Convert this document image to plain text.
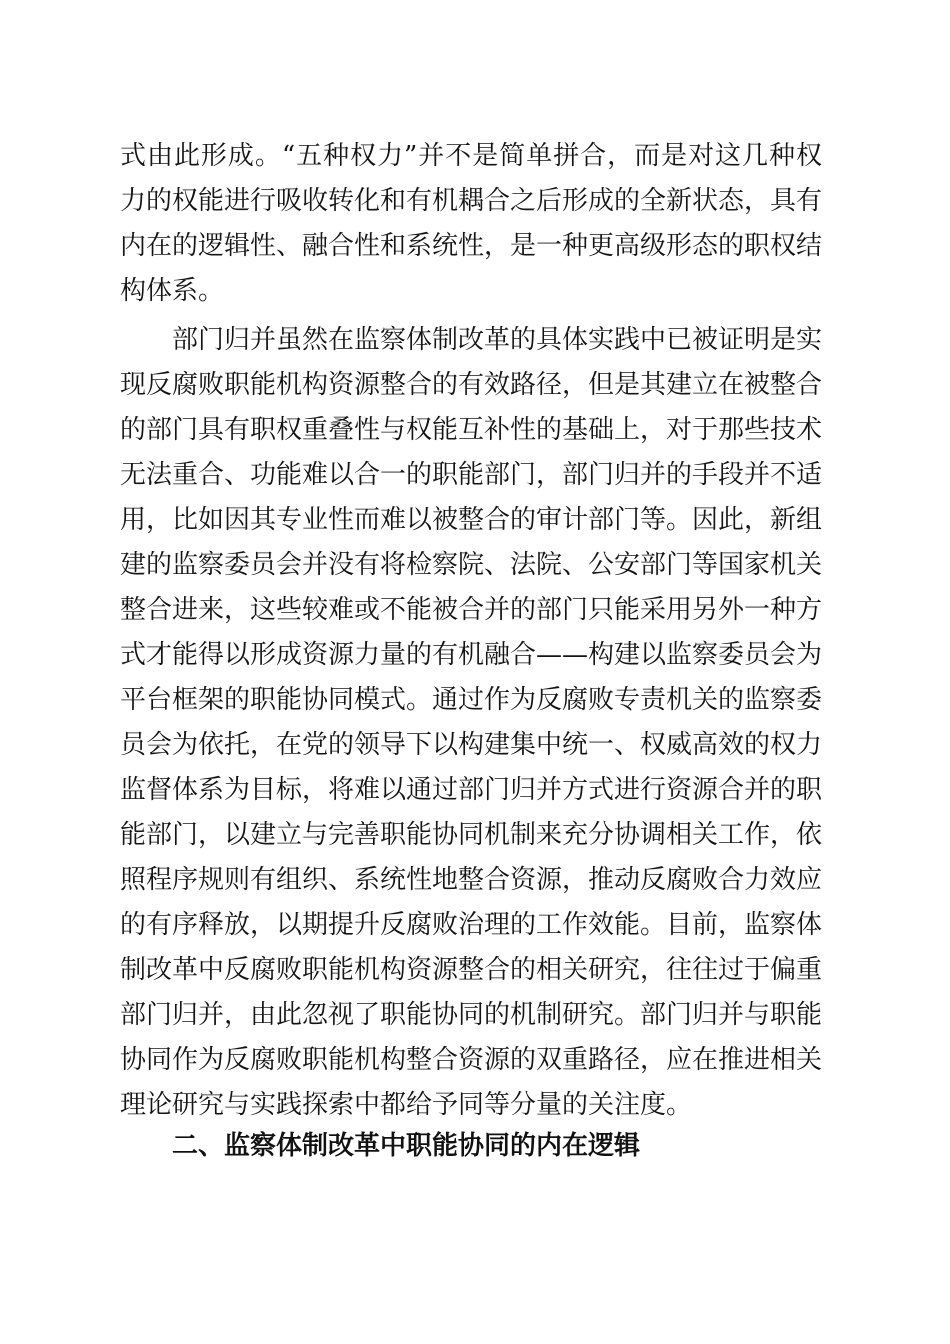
式由此形成。“五种权力”并不是简单拼合，而是对这几种权
力的权能进行吸收转化和有机耦合之后形成的全新状态，具有
内在的逻辑性、融合性和系统性，是一种更高级形态的职权结
构体系。
部门归并虽然在监察体制改革的具体实践中已被证明是实
现反腐败职能机构资源整合的有效路径，但是其建立在被整合
的部门具有职权重叠性与权能互补性的基础上，对于那些技术
无法重合、功能难以合一的职能部门，部门归并的手段并不适
用，比如因其专业性而难以被整合的审计部门等。因此，新组
建的监察委员会并没有将检察院、法院、公安部门等国家机关
整合进来，这些较难或不能被合并的部门只能采用另外一种方
式才能得以形成资源力量的有机融合——构建以监察委员会为
平台框架的职能协同模式。通过作为反腐败专责机关的监察委
员会为依托，在党的领导下以构建集中统一、权威高效的权力
监督体系为目标，将难以通过部门归并方式进行资源合并的职
能部门，以建立与完善职能协同机制来充分协调相关工作，依
照程序规则有组织、系统性地整合资源，推动反腐败合力效应
的有序释放，以期提升反腐败治理的工作效能。目前，监察体
制改革中反腐败职能机构资源整合的相关研究，往往过于偏重
部门归并，由此忽视了职能协同的机制研究。部门归并与职能
协同作为反腐败职能机构整合资源的双重路径，应在推进相关
理论研究与实践探索中都给予同等分量的关注度。
二、监察体制改革中职能协同的内在逻辑
